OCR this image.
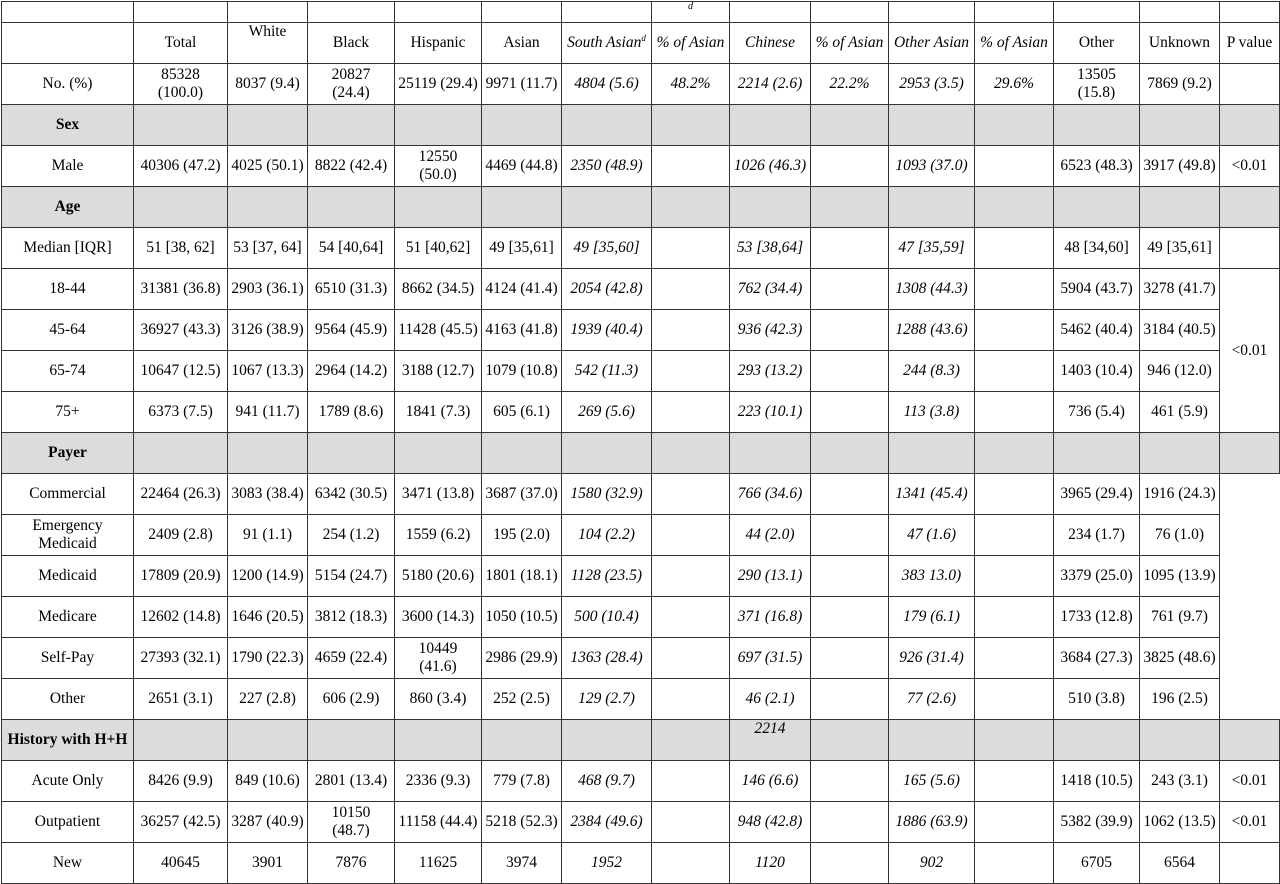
							d							
	Total	White	Black	Hispanic	Asian	South Asian$^d$	% of Asian	Chinese	% of Asian	Other Asian	% of Asian	Other	Unknown	P value
No. (%)	85328 (100.0)	8037 (9.4)	20827 (24.4)	25119 (29.4)	9971 (11.7)	4804 (5.6)	48.2%	2214 (2.6)	22.2%	2953 (3.5)	29.6%	13505 (15.8)	7869 (9.2)	
Sex														
Male	40306 (47.2)	4025 (50.1)	8822 (42.4)	12550 (50.0)	4469 (44.8)	2350 (48.9)		1026 (46.3)		1093 (37.0)		6523 (48.3)	3917 (49.8)	<0.01
Age														
Median [IQR]	51 [38, 62]	53 [37, 64]	54 [40,64]	51 [40,62]	49 [35,61]	49 [35,60]		53 [38,64]		47 [35,59]		48 [34,60]	49 [35,61]	
18-44	31381 (36.8)	2903 (36.1)	6510 (31.3)	8662 (34.5)	4124 (41.4)	2054 (42.8)		762 (34.4)		1308 (44.3)		5904 (43.7)	3278 (41.7)	<0.01
45-64	36927 (43.3)	3126 (38.9)	9564 (45.9)	11428 (45.5)	4163 (41.8)	1939 (40.4)		936 (42.3)		1288 (43.6)		5462 (40.4)	3184 (40.5)	
65-74	10647 (12.5)	1067 (13.3)	2964 (14.2)	3188 (12.7)	1079 (10.8)	542 (11.3)		293 (13.2)		244 (8.3)		1403 (10.4)	946 (12.0)	
75+	6373 (7.5)	941 (11.7)	1789 (8.6)	1841 (7.3)	605 (6.1)	269 (5.6)		223 (10.1)		113 (3.8)		736 (5.4)	461 (5.9)	
Payer														
Commercial	22464 (26.3)	3083 (38.4)	6342 (30.5)	3471 (13.8)	3687 (37.0)	1580 (32.9)		766 (34.6)		1341 (45.4)		3965 (29.4)	1916 (24.3)	
Emergency Medicaid	2409 (2.8)	91 (1.1)	254 (1.2)	1559 (6.2)	195 (2.0)	104 (2.2)		44 (2.0)		47 (1.6)		234 (1.7)	76 (1.0)	
Medicaid	17809 (20.9)	1200 (14.9)	5154 (24.7)	5180 (20.6)	1801 (18.1)	1128 (23.5)		290 (13.1)		383 13.0)		3379 (25.0)	1095 (13.9)	
Medicare	12602 (14.8)	1646 (20.5)	3812 (18.3)	3600 (14.3)	1050 (10.5)	500 (10.4)		371 (16.8)		179 (6.1)		1733 (12.8)	761 (9.7)	
Self-Pay	27393 (32.1)	1790 (22.3)	4659 (22.4)	10449 (41.6)	2986 (29.9)	1363 (28.4)		697 (31.5)		926 (31.4)		3684 (27.3)	3825 (48.6)	
Other	2651 (3.1)	227 (2.8)	606 (2.9)	860 (3.4)	252 (2.5)	129 (2.7)		46 (2.1)		77 (2.6)		510 (3.8)	196 (2.5)	
History with H+H								2214						
Acute Only	8426 (9.9)	849 (10.6)	2801 (13.4)	2336 (9.3)	779 (7.8)	468 (9.7)		146 (6.6)		165 (5.6)		1418 (10.5)	243 (3.1)	<0.01
Outpatient	36257 (42.5)	3287 (40.9)	10150 (48.7)	11158 (44.4)	5218 (52.3)	2384 (49.6)		948 (42.8)		1886 (63.9)		5382 (39.9)	1062 (13.5)	<0.01
New	40645	3901	7876	11625	3974	1952		1120		902		6705	6564	
